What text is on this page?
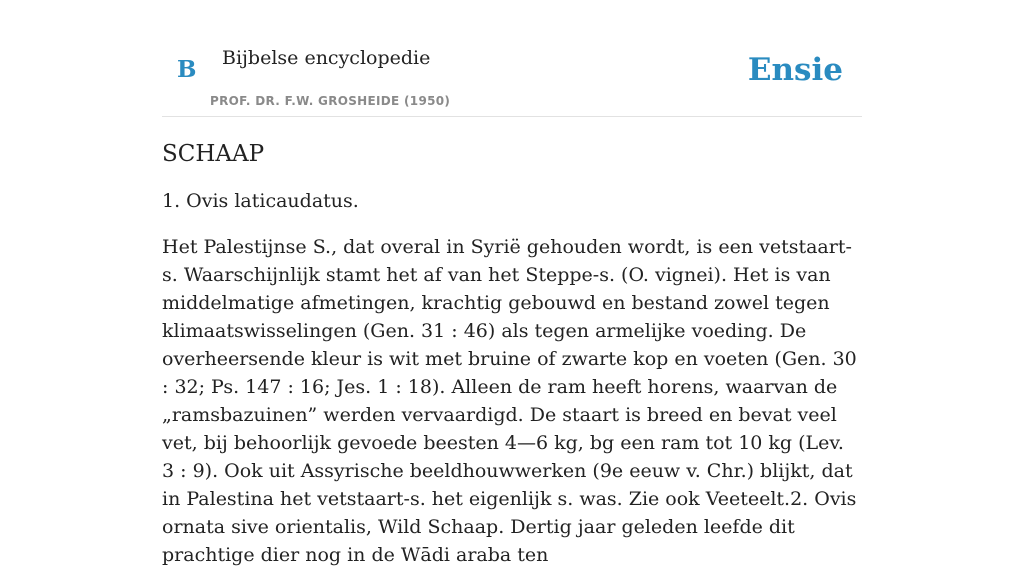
B Bijbelse encyclopedie
PROF. DR. F.W. GROSHEIDE (1950)
Ensie
SCHAAP

1. Ovis laticaudatus.

Het Palestijnse S., dat overal in Syrië gehouden wordt, is een vetstaart-s. Waarschijnlijk stamt het af van het Steppe-s. (O. vignei). Het is van middelmatige afmetingen, krachtig gebouwd en bestand zowel tegen klimaatswisselingen (Gen. 31 : 46) als tegen armelijke voeding. De overheersende kleur is wit met bruine of zwarte kop en voeten (Gen. 30 : 32; Ps. 147 : 16; Jes. 1 : 18). Alleen de ram heeft horens, waarvan de „ramsbazuinen” werden vervaardigd. De staart is breed en bevat veel vet, bij behoorlijk gevoede beesten 4—6 kg, bg een ram tot 10 kg (Lev. 3 : 9). Ook uit Assyrische beeldhouwwerken (9e eeuw v. Chr.) blijkt, dat in Palestina het vetstaart-s. het eigenlijk s. was. Zie ook Veeteelt.2. Ovis ornata sive orientalis, Wild Schaap. Dertig jaar geleden leefde dit prachtige dier nog in de Wādi araba ten
